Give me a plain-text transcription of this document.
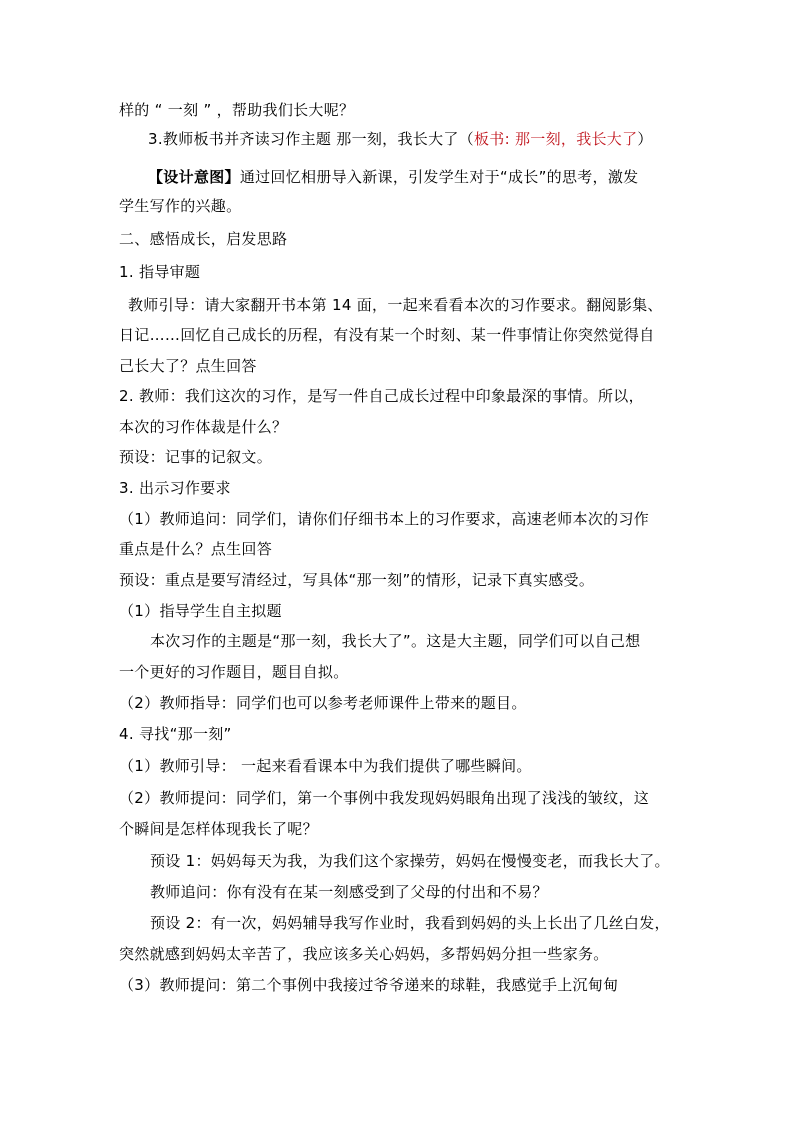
样的 “ 一刻 ” ，帮助我们长大呢？
3.教师板书并齐读习作主题 那一刻，我长大了（板书: 那一刻，我长大了）
【设计意图】通过回忆相册导入新课，引发学生对于“成长”的思考，激发
学生写作的兴趣。
二、感悟成长，启发思路
1. 指导审题
教师引导：请大家翻开书本第 14 面，一起来看看本次的习作要求。翻阅影集、
日记……回忆自己成长的历程，有没有某一个时刻、某一件事情让你突然觉得自
己长大了？点生回答
2. 教师：我们这次的习作，是写一件自己成长过程中印象最深的事情。所以，
本次的习作体裁是什么？
预设：记事的记叙文。
3. 出示习作要求
（1）教师追问：同学们，请你们仔细书本上的习作要求，高速老师本次的习作
重点是什么？点生回答
预设：重点是要写清经过，写具体“那一刻”的情形，记录下真实感受。
（1）指导学生自主拟题
本次习作的主题是“那一刻，我长大了”。这是大主题，同学们可以自己想
一个更好的习作题目，题目自拟。
（2）教师指导：同学们也可以参考老师课件上带来的题目。
4. 寻找“那一刻”
（1）教师引导： 一起来看看课本中为我们提供了哪些瞬间。
（2）教师提问：同学们，第一个事例中我发现妈妈眼角出现了浅浅的皱纹，这
个瞬间是怎样体现我长了呢？
预设 1：妈妈每天为我，为我们这个家操劳，妈妈在慢慢变老，而我长大了。
教师追问：你有没有在某一刻感受到了父母的付出和不易？
预设 2：有一次，妈妈辅导我写作业时，我看到妈妈的头上长出了几丝白发，
突然就感到妈妈太辛苦了，我应该多关心妈妈，多帮妈妈分担一些家务。
（3）教师提问：第二个事例中我接过爷爷递来的球鞋，我感觉手上沉甸甸
